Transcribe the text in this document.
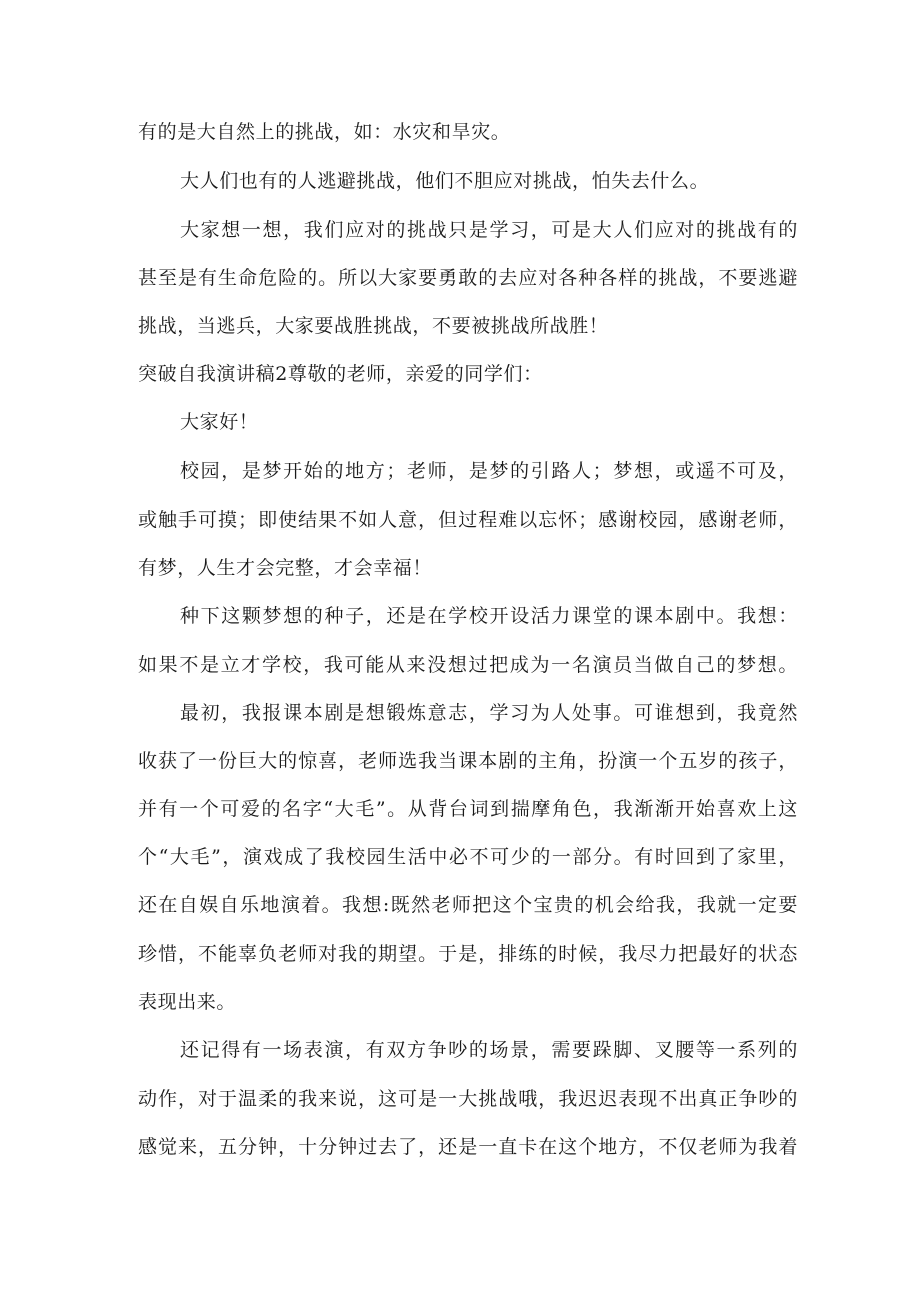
有的是大自然上的挑战，如：水灾和旱灾。
大人们也有的人逃避挑战，他们不胆应对挑战，怕失去什么。
大家想一想，我们应对的挑战只是学习，可是大人们应对的挑战有的
甚至是有生命危险的。所以大家要勇敢的去应对各种各样的挑战，不要逃避
挑战，当逃兵，大家要战胜挑战，不要被挑战所战胜！
突破自我演讲稿2尊敬的老师，亲爱的同学们：
大家好！
校园，是梦开始的地方；老师，是梦的引路人；梦想，或遥不可及，
或触手可摸；即使结果不如人意，但过程难以忘怀；感谢校园，感谢老师，
有梦，人生才会完整，才会幸福！
种下这颗梦想的种子，还是在学校开设活力课堂的课本剧中。我想：
如果不是立才学校，我可能从来没想过把成为一名演员当做自己的梦想。
最初，我报课本剧是想锻炼意志，学习为人处事。可谁想到，我竟然
收获了一份巨大的惊喜，老师选我当课本剧的主角，扮演一个五岁的孩子，
并有一个可爱的名字“大毛”。从背台词到揣摩角色，我渐渐开始喜欢上这
个“大毛”，演戏成了我校园生活中必不可少的一部分。有时回到了家里，
还在自娱自乐地演着。我想:既然老师把这个宝贵的机会给我，我就一定要
珍惜，不能辜负老师对我的期望。于是，排练的时候，我尽力把最好的状态
表现出来。
还记得有一场表演，有双方争吵的场景，需要跺脚、叉腰等一系列的
动作，对于温柔的我来说，这可是一大挑战哦，我迟迟表现不出真正争吵的
感觉来，五分钟，十分钟过去了，还是一直卡在这个地方，不仅老师为我着
